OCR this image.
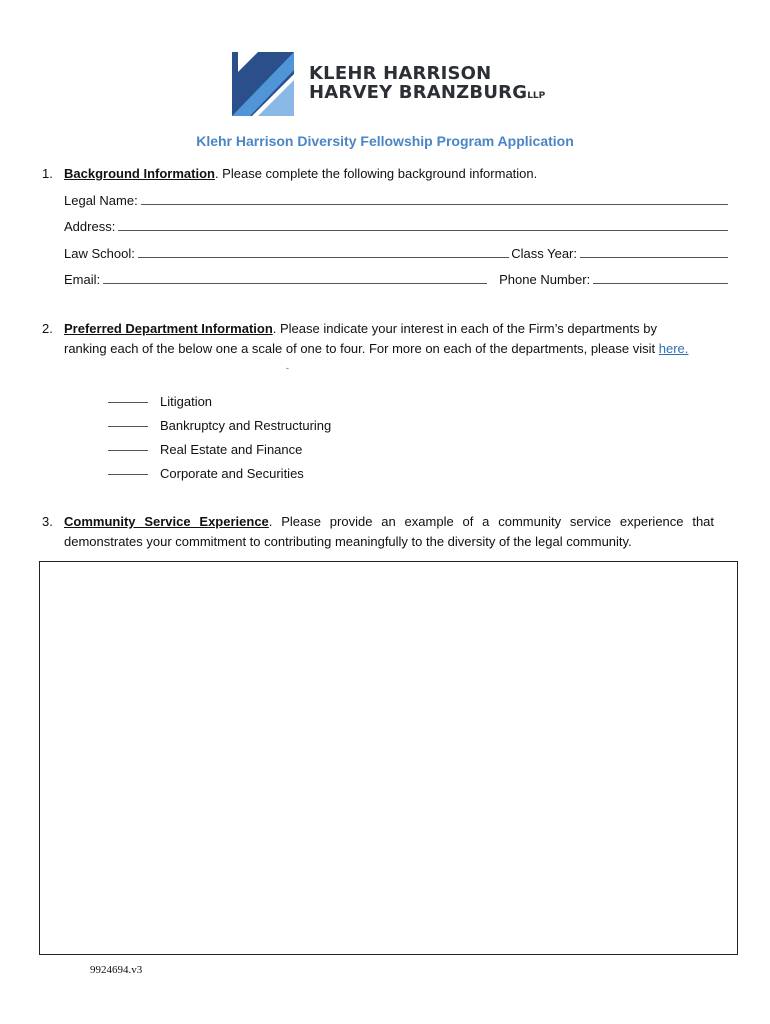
KLEHR HARRISON
HARVEY BRANZBURGLLP
Klehr Harrison Diversity Fellowship Program Application
1. Background Information. Please complete the following background information.
Legal Name:
Address:
Law School:	Class Year:
Email:	Phone Number:
2. Preferred Department Information. Please indicate your interest in each of the Firm’s departments by
ranking each of the below one a scale of one to four. For more on each of the departments, please visit here.
-
Litigation
Bankruptcy and Restructuring
Real Estate and Finance
Corporate and Securities
3. Community Service Experience. Please provide an example of a community service experience that
demonstrates your commitment to contributing meaningfully to the diversity of the legal community.
9924694.v3
